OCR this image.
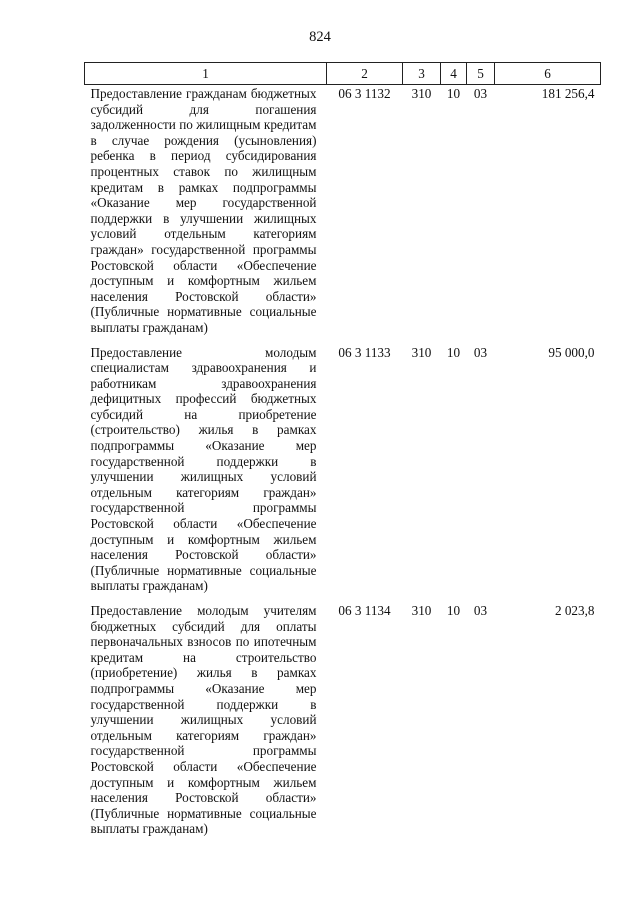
824
1	2	3	4	5	6
Предоставление гражданам бюджетных субсидий для погашения задолженности по жилищным кредитам в случае рождения (усыновления) ребенка в период субсидирования процентных ставок по жилищным кредитам в рамках подпрограммы «Оказание мер государственной поддержки в улучшении жилищных условий отдельным категориям граждан» государственной программы Ростовской области «Обеспечение доступным и комфортным жильем населения Ростовской области» (Публичные нормативные социальные выплаты гражданам)	06 3 1132	310	10	03	181 256,4
Предоставление молодым специалистам здравоохранения и работникам здравоохранения дефицитных профессий бюджетных субсидий на приобретение (строительство) жилья в рамках подпрограммы «Оказание мер государственной поддержки в улучшении жилищных условий отдельным категориям граждан» государственной программы Ростовской области «Обеспечение доступным и комфортным жильем населения Ростовской области» (Публичные нормативные социальные выплаты гражданам)	06 3 1133	310	10	03	95 000,0
Предоставление молодым учителям бюджетных субсидий для оплаты первоначальных взносов по ипотечным кредитам на строительство (приобретение) жилья в рамках подпрограммы «Оказание мер государственной поддержки в улучшении жилищных условий отдельным категориям граждан» государственной программы Ростовской области «Обеспечение доступным и комфортным жильем населения Ростовской области» (Публичные нормативные социальные выплаты гражданам)	06 3 1134	310	10	03	2 023,8
